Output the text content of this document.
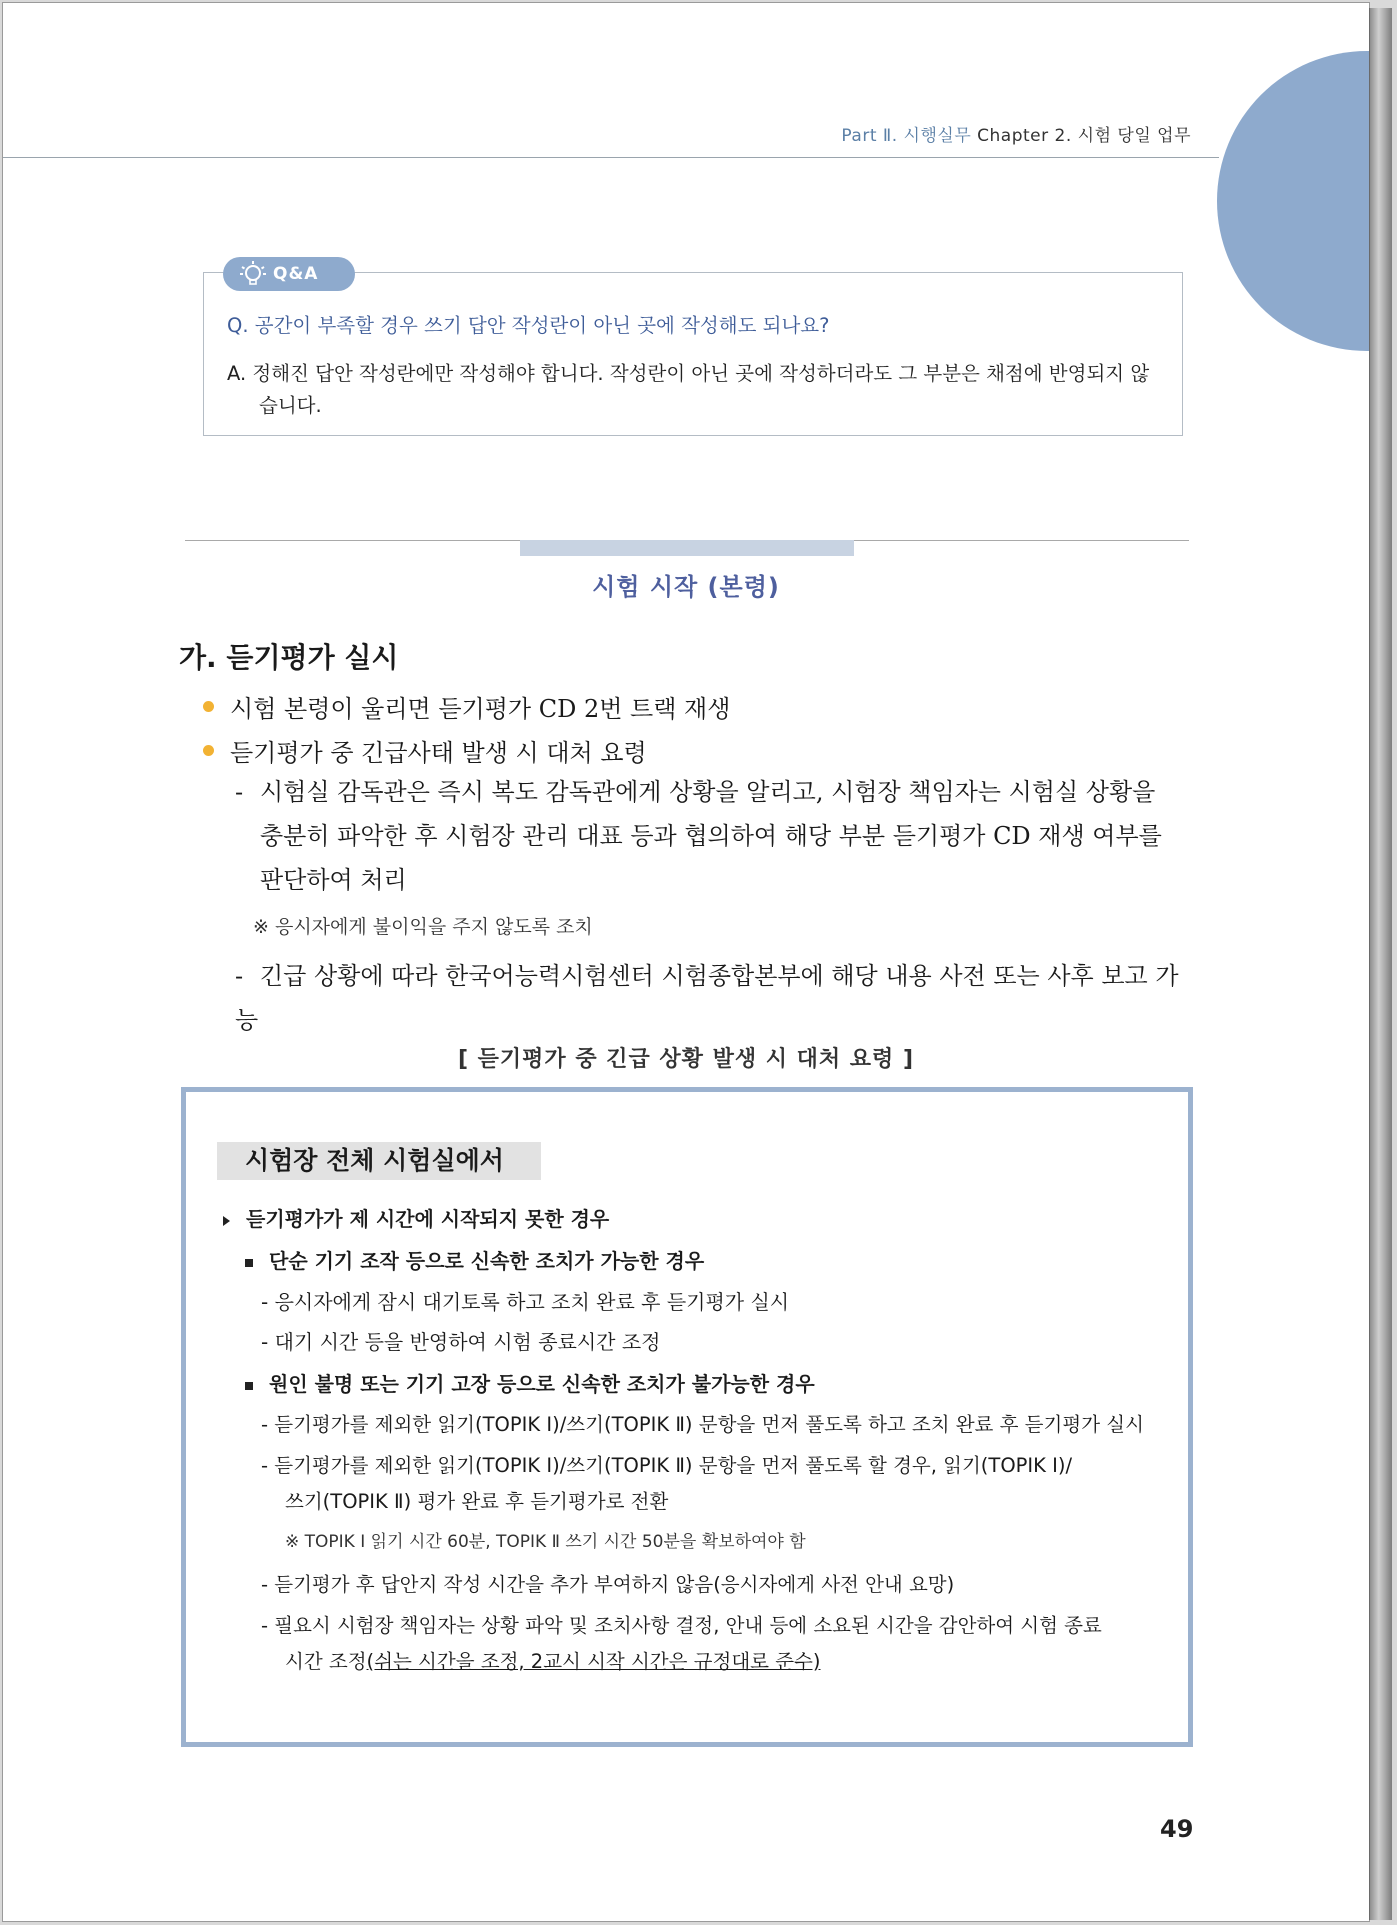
Part Ⅱ. 시행실무 Chapter 2. 시험 당일 업무
Q&A
Q. 공간이 부족할 경우 쓰기 답안 작성란이 아닌 곳에 작성해도 되나요?
A. 정해진 답안 작성란에만 작성해야 합니다. 작성란이 아닌 곳에 작성하더라도 그 부분은 채점에 반영되지 않습니다.
시험 시작 (본령)
가. 듣기평가 실시
시험 본령이 울리면 듣기평가 CD 2번 트랙 재생
듣기평가 중 긴급사태 발생 시 대처 요령
- 시험실 감독관은 즉시 복도 감독관에게 상황을 알리고, 시험장 책임자는 시험실 상황을
충분히 파악한 후 시험장 관리 대표 등과 협의하여 해당 부분 듣기평가 CD 재생 여부를
판단하여 처리
※ 응시자에게 불이익을 주지 않도록 조치
- 긴급 상황에 따라 한국어능력시험센터 시험종합본부에 해당 내용 사전 또는 사후 보고 가능
[ 듣기평가 중 긴급 상황 발생 시 대처 요령 ]
시험장 전체 시험실에서
듣기평가가 제 시간에 시작되지 못한 경우
단순 기기 조작 등으로 신속한 조치가 가능한 경우
- 응시자에게 잠시 대기토록 하고 조치 완료 후 듣기평가 실시
- 대기 시간 등을 반영하여 시험 종료시간 조정
원인 불명 또는 기기 고장 등으로 신속한 조치가 불가능한 경우
- 듣기평가를 제외한 읽기(TOPIK Ⅰ)/쓰기(TOPIK Ⅱ) 문항을 먼저 풀도록 하고 조치 완료 후 듣기평가 실시
- 듣기평가를 제외한 읽기(TOPIK Ⅰ)/쓰기(TOPIK Ⅱ) 문항을 먼저 풀도록 할 경우, 읽기(TOPIK Ⅰ)/
쓰기(TOPIK Ⅱ) 평가 완료 후 듣기평가로 전환
※ TOPIK Ⅰ 읽기 시간 60분, TOPIK Ⅱ 쓰기 시간 50분을 확보하여야 함
- 듣기평가 후 답안지 작성 시간을 추가 부여하지 않음(응시자에게 사전 안내 요망)
- 필요시 시험장 책임자는 상황 파악 및 조치사항 결정, 안내 등에 소요된 시간을 감안하여 시험 종료
시간 조정(쉬는 시간을 조정, 2교시 시작 시간은 규정대로 준수)
49
